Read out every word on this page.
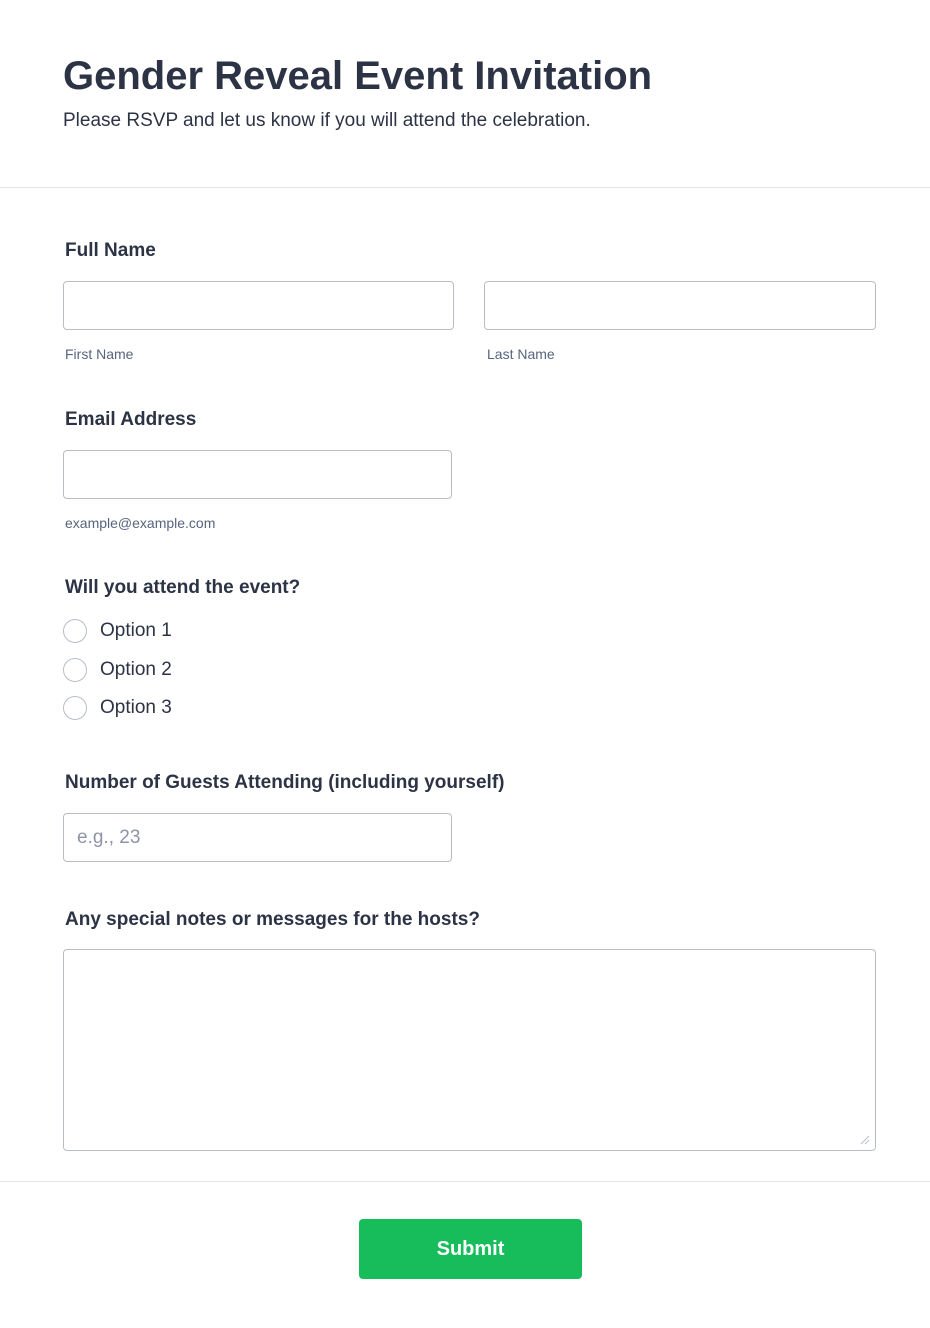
Gender Reveal Event Invitation

Please RSVP and let us know if you will attend the celebration.

Full Name
First Name	Last Name
Email Address
example@example.com
Will you attend the event?
Option 1
Option 2
Option 3
Number of Guests Attending (including yourself)
e.g., 23
Any special notes or messages for the hosts?
Submit
